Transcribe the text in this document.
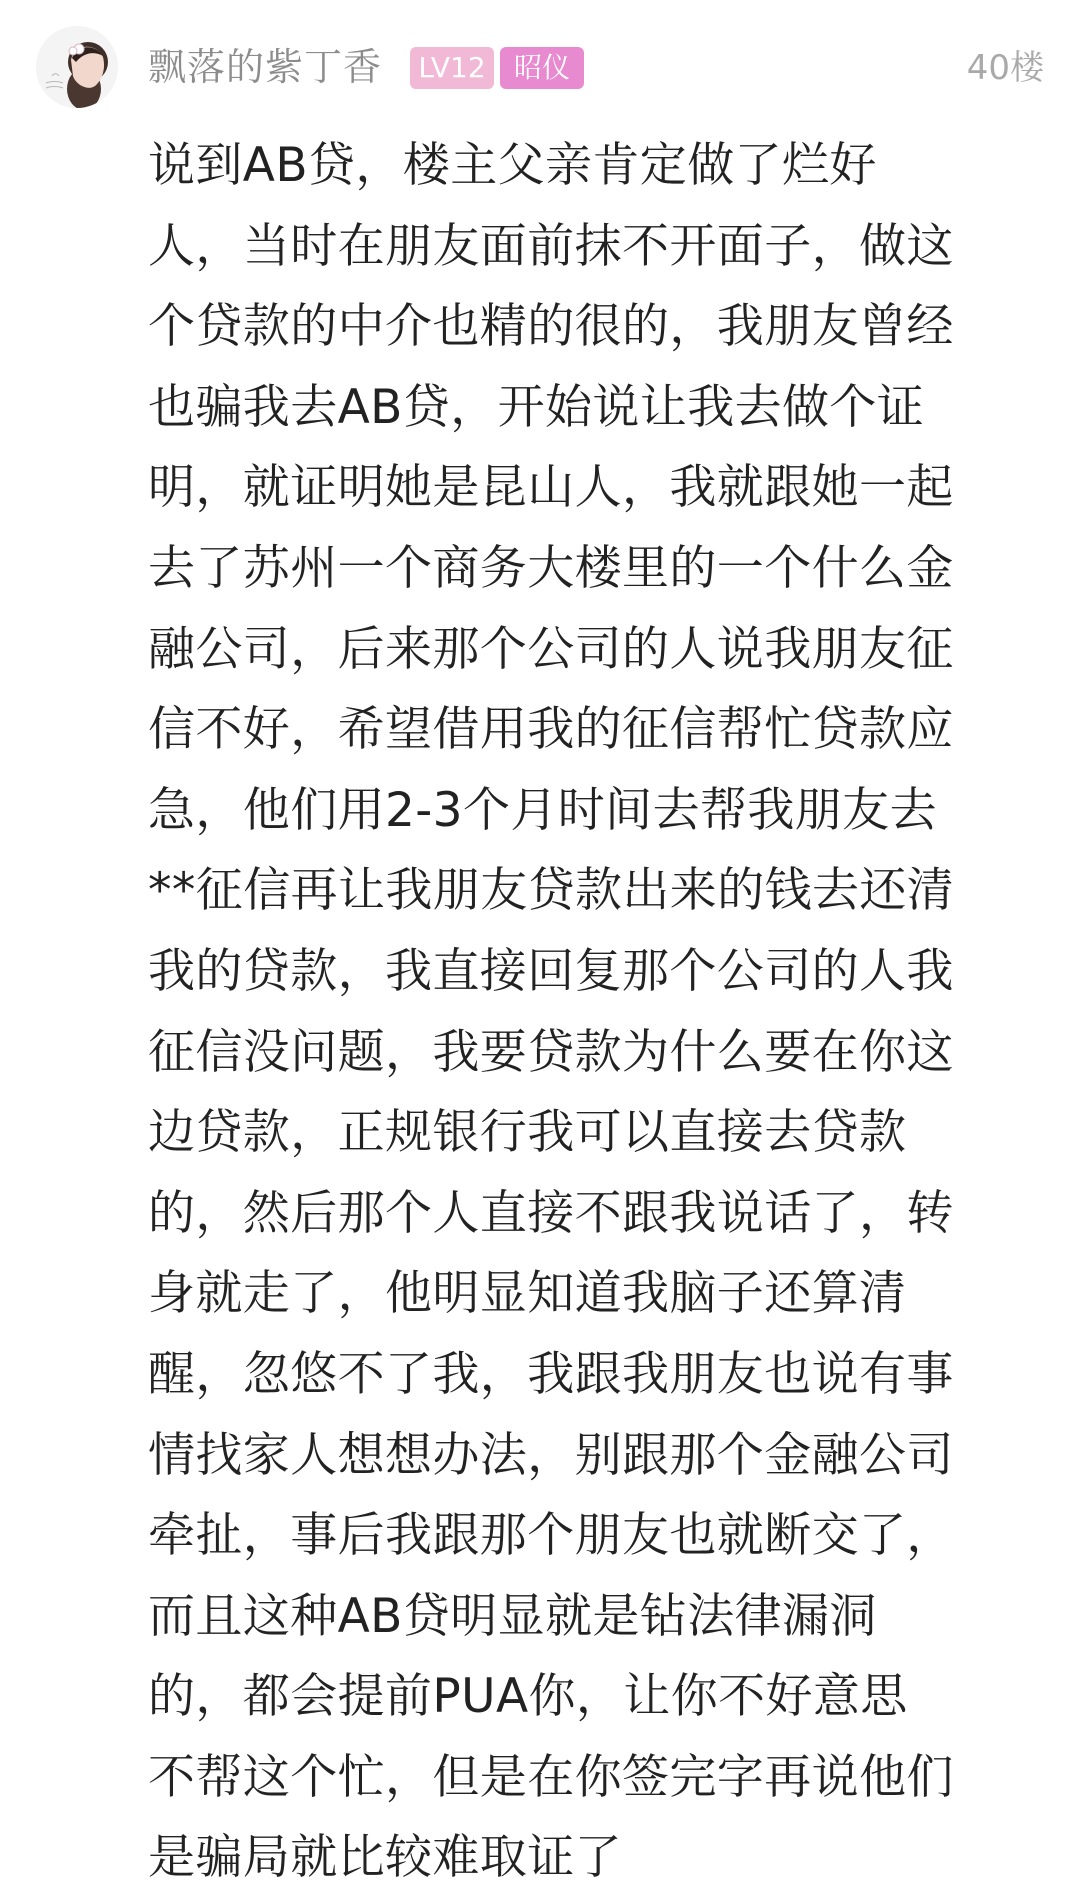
飘落的紫丁香 LV12	昭仪	40楼
说到AB贷，楼主父亲肯定做了烂好
人，当时在朋友面前抹不开面子，做这
个贷款的中介也精的很的，我朋友曾经
也骗我去AB贷，开始说让我去做个证
明，就证明她是昆山人，我就跟她一起
去了苏州一个商务大楼里的一个什么金
融公司，后来那个公司的人说我朋友征
信不好，希望借用我的征信帮忙贷款应
急，他们用2-3个月时间去帮我朋友去
**征信再让我朋友贷款出来的钱去还清
我的贷款，我直接回复那个公司的人我
征信没问题，我要贷款为什么要在你这
边贷款，正规银行我可以直接去贷款
的，然后那个人直接不跟我说话了，转
身就走了，他明显知道我脑子还算清
醒，忽悠不了我，我跟我朋友也说有事
情找家人想想办法，别跟那个金融公司
牵扯，事后我跟那个朋友也就断交了，
而且这种AB贷明显就是钻法律漏洞
的，都会提前PUA你，让你不好意思
不帮这个忙，但是在你签完字再说他们
是骗局就比较难取证了
